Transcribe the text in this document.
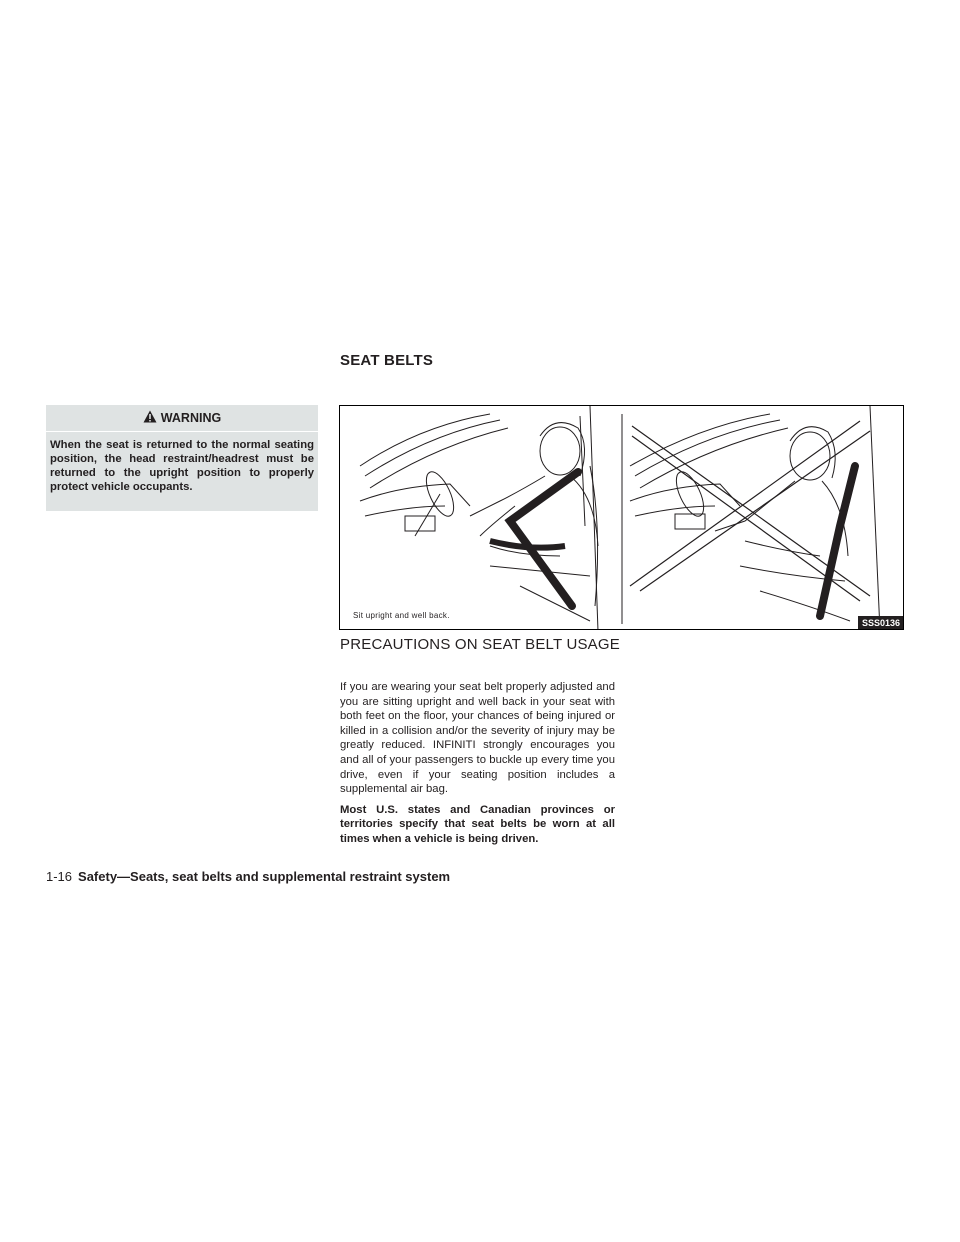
SEAT BELTS
WARNING
When the seat is returned to the normal seating position, the head restraint/headrest must be returned to the upright position to properly protect vehicle occupants.
Sit upright and well back.
SSS0136
PRECAUTIONS ON SEAT BELT USAGE

If you are wearing your seat belt properly adjusted and you are sitting upright and well back in your seat with both feet on the floor, your chances of being injured or killed in a collision and/or the severity of injury may be greatly reduced. INFINITI strongly encourages you and all of your passengers to buckle up every time you drive, even if your seating position includes a supplemental air bag.

Most U.S. states and Canadian provinces or territories specify that seat belts be worn at all times when a vehicle is being driven.

1-16 Safety—Seats, seat belts and supplemental restraint system
